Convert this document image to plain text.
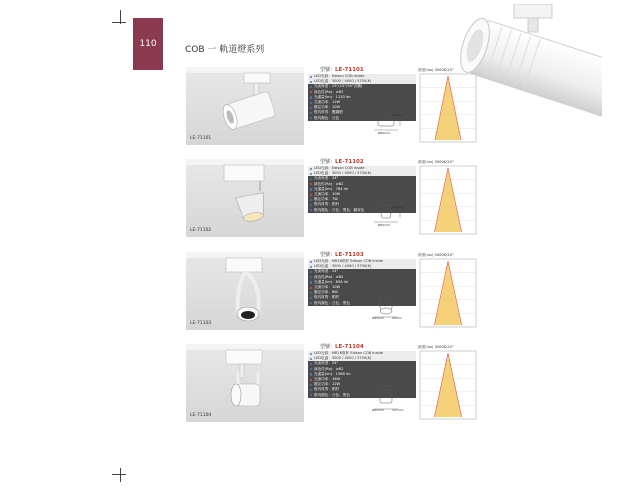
110
COB 一 軌道燈系列
LE-71101
型號：LE-71101
LED光源：Edison COB inside
LED色溫：3000 / 4000 / 5700(K)
光束角度：23°(15°/35°訂購)
演色性(Ra)：≥82
光通量(lm)：1120 lm
交流功率：12W
額定功率：10W
燈具材質：壓鑄鋁
燈具顏色：白色
230mm
Ø60mm
照度(lux) 3000K/23°
LE-71102
型號：LE-71102
LED光源：Edison COB inside
LED色溫：3000 / 4000 / 5700(K)
光束角度：24°
演色性(Ra)：≥82
光通量(lm)：784 lm
交流功率：10W
額定功率：7W
燈具材質：鋁材
燈具顏色：白色、黑色、鐵灰色
210mm
Ø62mm
照度(lux) 3000K/24°
LE-71103
型號：LE-71103
LED光源：MR16燈杯 Edison COB inside
LED色溫：3000 / 4000 / 5700(K)
光束角度：24°
演色性(Ra)：≥82
光通量(lm)：856 lm
交流功率：10W
額定功率：8W
燈具材質：鋁材
燈具顏色：白色、黑色
Ø55mm	90mm
照度(lux) 3000K/24°
LE-71104
型號：LE-71104
LED光源：MR16燈杯 Edison COB inside
LED色溫：3000 / 4000 / 5700(K)
光束角度：24°
演色性(Ra)：≥82
光通量(lm)：1368 lm
交流功率：16W
額定功率：12W
燈具材質：鋁材
燈具顏色：白色、黑色
Ø55mm	127mm
照度(lux) 3000K/24°
